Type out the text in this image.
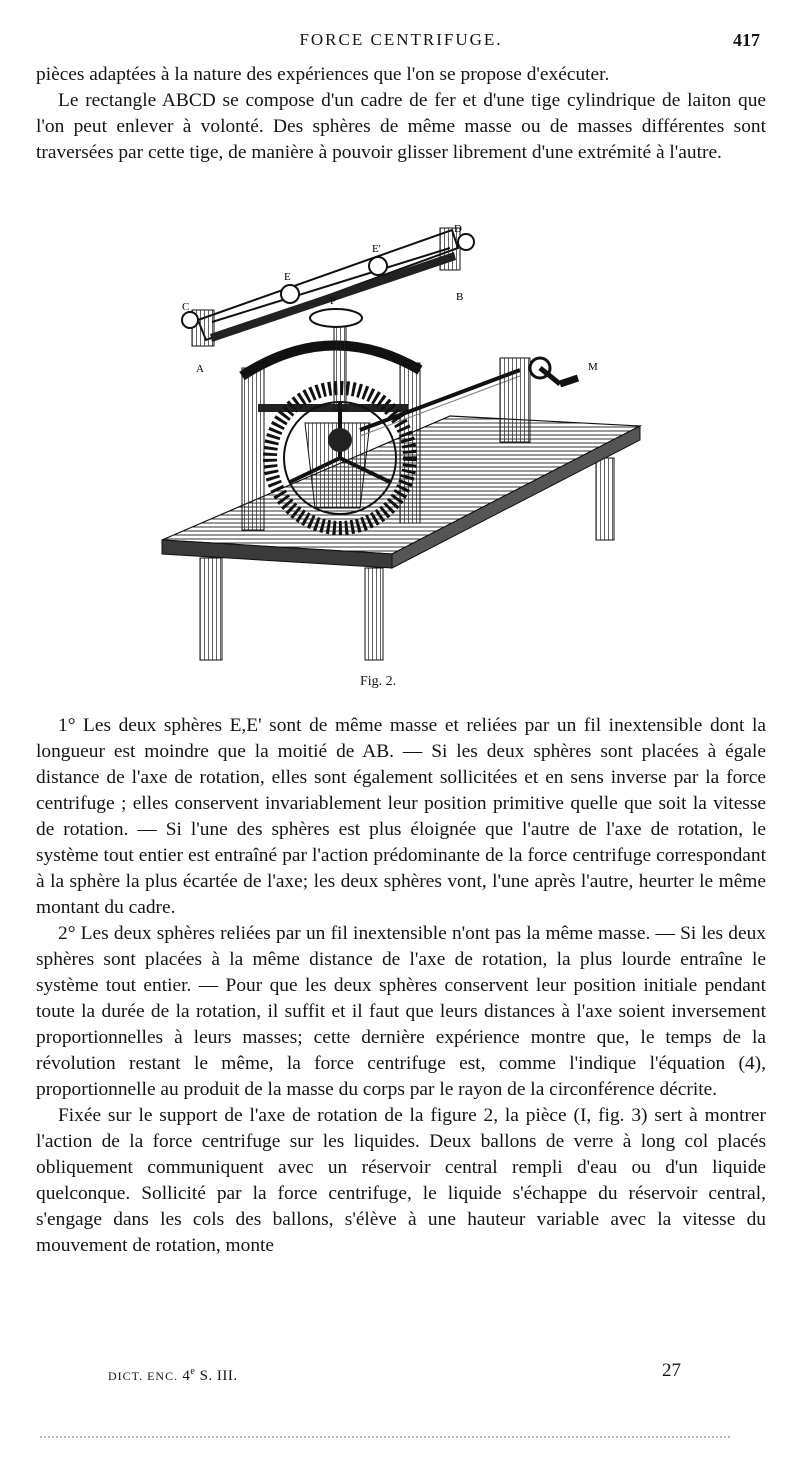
FORCE CENTRIFUGE.	417

pièces adaptées à la nature des expériences que l'on se propose d'exécuter.

Le rectangle ABCD se compose d'un cadre de fer et d'une tige cylindrique de laiton que l'on peut enlever à volonté. Des sphères de même masse ou de masses différentes sont traversées par cette tige, de manière à pouvoir glisser librement d'une extrémité à l'autre.

C
A
D
B
E
E'
P
M
Fig. 2.

1° Les deux sphères E,E' sont de même masse et reliées par un fil inextensible dont la longueur est moindre que la moitié de AB. — Si les deux sphères sont placées à égale distance de l'axe de rotation, elles sont également sollicitées et en sens inverse par la force centrifuge ; elles conservent invariablement leur position primitive quelle que soit la vitesse de rotation. — Si l'une des sphères est plus éloignée que l'autre de l'axe de rotation, le système tout entier est entraîné par l'action prédominante de la force centrifuge correspondant à la sphère la plus écartée de l'axe; les deux sphères vont, l'une après l'autre, heurter le même montant du cadre.

2° Les deux sphères reliées par un fil inextensible n'ont pas la même masse. — Si les deux sphères sont placées à la même distance de l'axe de rotation, la plus lourde entraîne le système tout entier. — Pour que les deux sphères conservent leur position initiale pendant toute la durée de la rotation, il suffit et il faut que leurs distances à l'axe soient inversement proportionnelles à leurs masses; cette dernière expérience montre que, le temps de la révolution restant le même, la force centrifuge est, comme l'indique l'équation (4), proportionnelle au produit de la masse du corps par le rayon de la circonférence décrite.

Fixée sur le support de l'axe de rotation de la figure 2, la pièce (I, fig. 3) sert à montrer l'action de la force centrifuge sur les liquides. Deux ballons de verre à long col placés obliquement communiquent avec un réservoir central rempli d'eau ou d'un liquide quelconque. Sollicité par la force centrifuge, le liquide s'échappe du réservoir central, s'engage dans les cols des ballons, s'élève à une hauteur variable avec la vitesse du mouvement de rotation, monte

DICT. ENC. 4e S. III.	27
